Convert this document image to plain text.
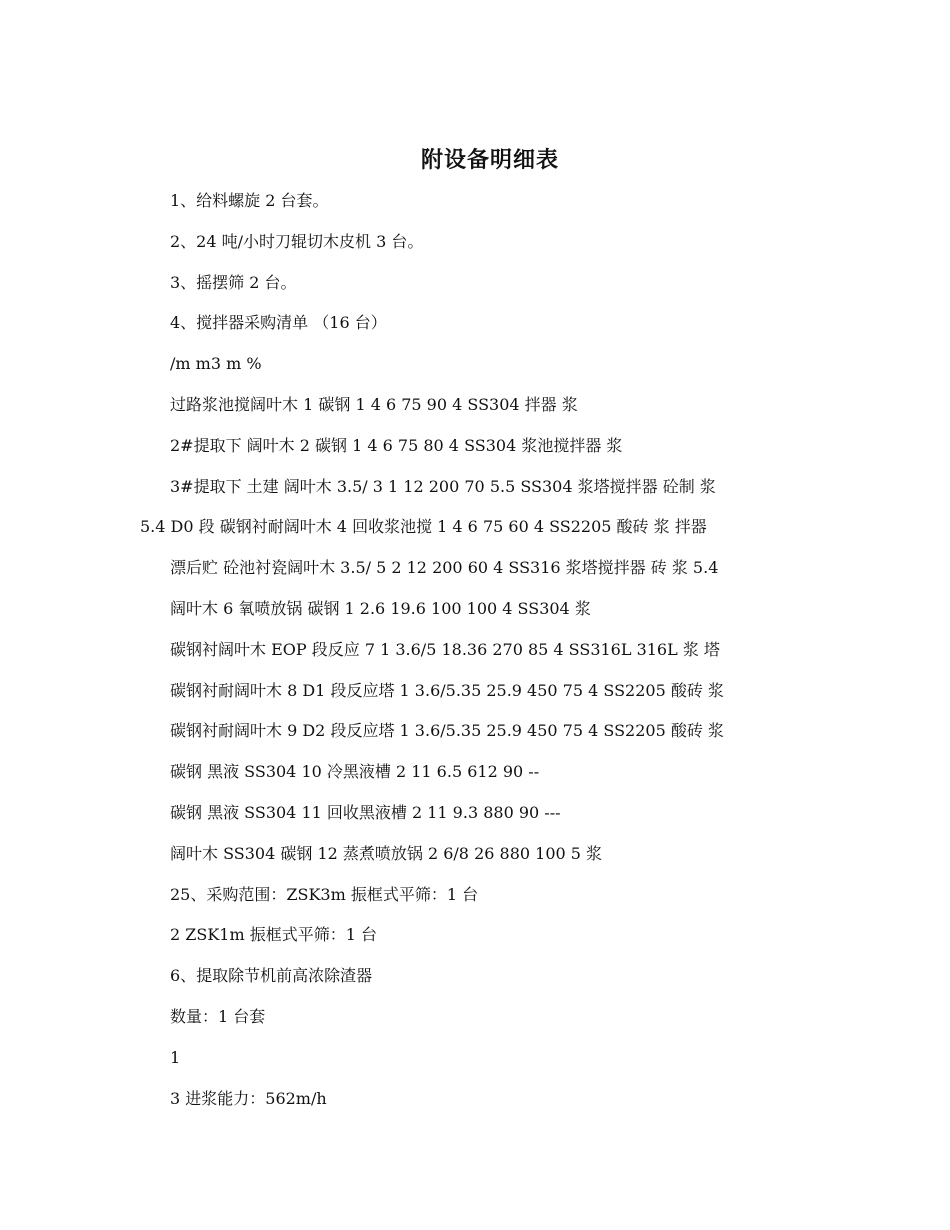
附设备明细表
1、给料螺旋 2 台套。
2、24 吨/小时刀辊切木皮机 3 台。
3、摇摆筛 2 台。
4、搅拌器采购清单 （16 台）
/m m3 m %
过路浆池搅阔叶木 1 碳钢 1 4 6 75 90 4 SS304 拌器 浆
2#提取下 阔叶木 2 碳钢 1 4 6 75 80 4 SS304 浆池搅拌器 浆
3#提取下 土建 阔叶木 3.5/ 3 1 12 200 70 5.5 SS304 浆塔搅拌器 砼制 浆
5.4 D0 段 碳钢衬耐阔叶木 4 回收浆池搅 1 4 6 75 60 4 SS2205 酸砖 浆 拌器
漂后贮 砼池衬瓷阔叶木 3.5/ 5 2 12 200 60 4 SS316 浆塔搅拌器 砖 浆 5.4
阔叶木 6 氧喷放锅 碳钢 1 2.6 19.6 100 100 4 SS304 浆
碳钢衬阔叶木 EOP 段反应 7 1 3.6/5 18.36 270 85 4 SS316L 316L 浆 塔
碳钢衬耐阔叶木 8 D1 段反应塔 1 3.6/5.35 25.9 450 75 4 SS2205 酸砖 浆
碳钢衬耐阔叶木 9 D2 段反应塔 1 3.6/5.35 25.9 450 75 4 SS2205 酸砖 浆
碳钢 黑液 SS304 10 冷黑液槽 2 11 6.5 612 90 --
碳钢 黑液 SS304 11 回收黑液槽 2 11 9.3 880 90 ---
阔叶木 SS304 碳钢 12 蒸煮喷放锅 2 6/8 26 880 100 5 浆
25、采购范围：ZSK3m 振框式平筛：1 台
2 ZSK1m 振框式平筛：1 台
6、提取除节机前高浓除渣器
数量：1 台套
1
3 进浆能力：562m/h
